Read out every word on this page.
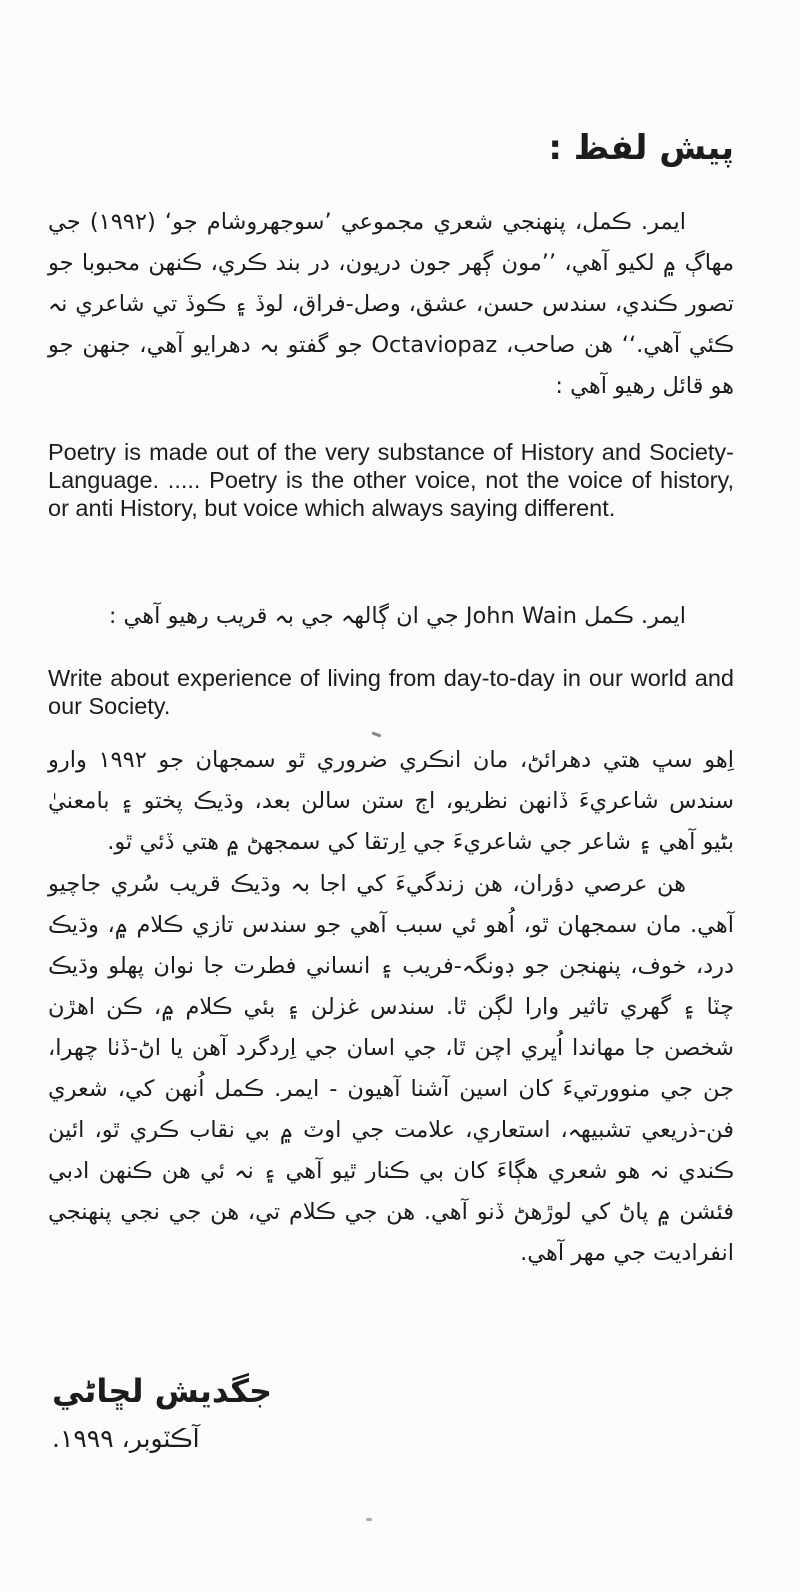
پيش لفظ :

ايمر. ڪمل، پنهنجي شعري مجموعي ’سوجهروشام جو‘ (١٩٩٢) جي مهاڳ ۾ لکيو آهي، ’’مون ڳهر جون دريون، در بند ڪري، ڪنهن محبوبا جو تصور ڪندي، سندس حسن، عشق، وصل-فراق، لوڏ ۽ ڪوڏ تي شاعري نہ ڪئي آهي.‘‘ هن صاحب، Octaviopaz جو گفتو بہ دهرايو آهي، جنهن جو هو قائل رهيو آهي :

Poetry is made out of the very substance of History and Society-Language. ..... Poetry is the other voice, not the voice of history, or anti History, but voice which always saying different.

ايمر. ڪمل John Wain جي ان ڳالهہ جي بہ قريب رهيو آهي :

Write about experience of living from day-to-day in our world and our Society.

اِهو سڀ هتي دهرائڻ، مان انڪري ضروري ٿو سمجهان جو ١٩٩٢ وارو سندس شاعريءَ ڏانهن نظريو، اڄ ستن سالن بعد، وڌيڪ پختو ۽ بامعنيٰ بڻيو آهي ۽ شاعر جي شاعريءَ جي اِرتقا کي سمجهڻ ۾ هتي ڏئي ٿو.

هن عرصي دؤران، هن زندگيءَ کي اجا بہ وڌيڪ قريب سُري جاچيو آهي. مان سمجهان ٿو، اُهو ئي سبب آهي جو سندس تازي ڪلام ۾، وڌيڪ درد، خوف، پنهنجن جو ڊونگہ-فريب ۽ انساني فطرت جا نوان پهلو وڌيڪ چٽا ۽ گهري تاثير وارا لڳن ٿا. سندس غزلن ۽ بئي ڪلام ۾، ڪن اهڙن شخصن جا مهاندا اُڀري اچن ٿا، جي اسان جي اِردگرد آهن يا اڻ-ڏٺا چهرا، جن جي منوورتيءَ کان اسين آشنا آهيون - ايمر. ڪمل اُنهن کي، شعري فن-ذريعي تشبيهہ، استعاري، علامت جي اوٽ ۾ بي نقاب ڪري ٿو، ائين ڪندي نہ هو شعري هڳاءَ کان بي ڪنار ٿيو آهي ۽ نہ ئي هن ڪنهن ادبي فئشن ۾ پاڻ کي لوڙهڻ ڏنو آهي. هن جي ڪلام تي، هن جي نجي پنهنجي انفراديت جي مهر آهي.

جگديش لڇاڻي
آڪٽوبر، ١٩٩٩.
